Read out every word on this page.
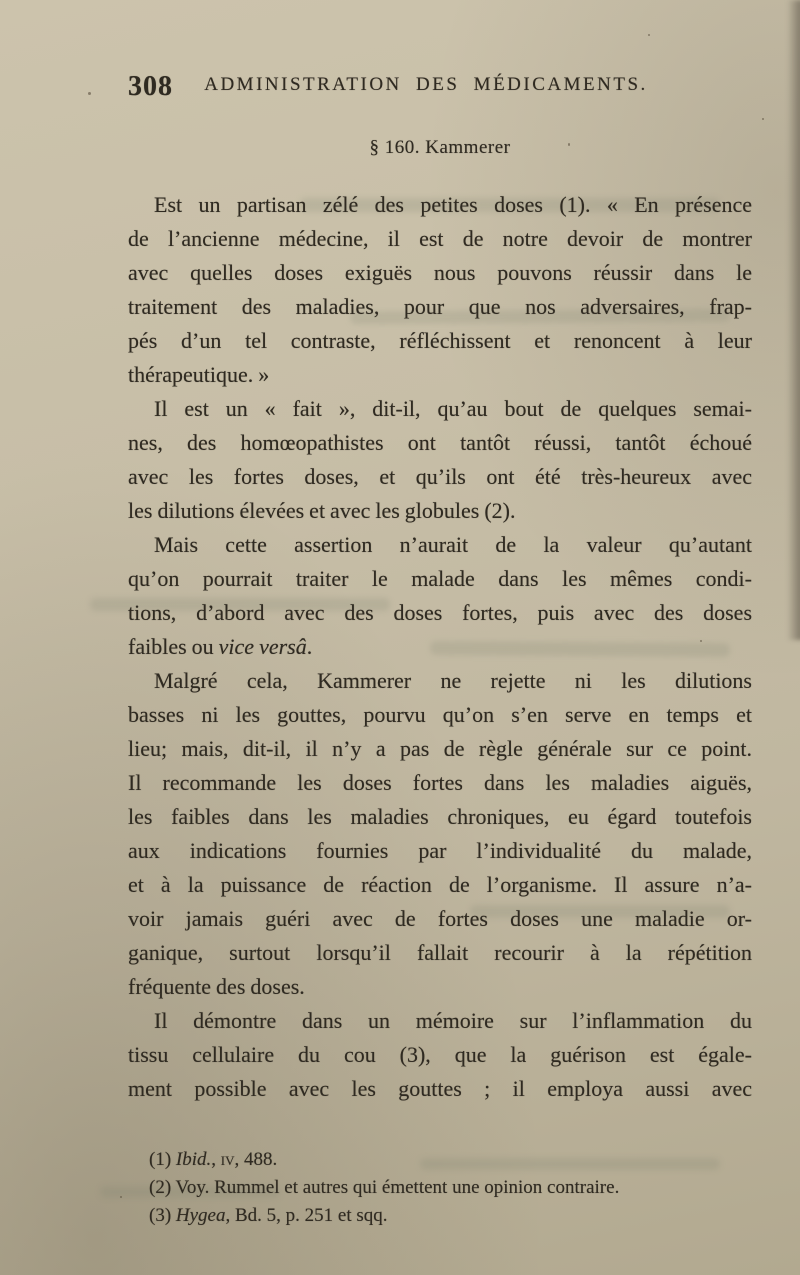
308 ADMINISTRATION DES MÉDICAMENTS.
§ 160. Kammerer
Est un partisan zélé des petites doses (1). « En présence
de l’ancienne médecine, il est de notre devoir de montrer
avec quelles doses exiguës nous pouvons réussir dans le
traitement des maladies, pour que nos adversaires, frap-
pés d’un tel contraste, réfléchissent et renoncent à leur
thérapeutique. »
Il est un « fait », dit-il, qu’au bout de quelques semai-
nes, des homœopathistes ont tantôt réussi, tantôt échoué
avec les fortes doses, et qu’ils ont été très-heureux avec
les dilutions élevées et avec les globules (2).
Mais cette assertion n’aurait de la valeur qu’autant
qu’on pourrait traiter le malade dans les mêmes condi-
tions, d’abord avec des doses fortes, puis avec des doses
faibles ou vice versâ.
Malgré cela, Kammerer ne rejette ni les dilutions
basses ni les gouttes, pourvu qu’on s’en serve en temps et
lieu; mais, dit-il, il n’y a pas de règle générale sur ce point.
Il recommande les doses fortes dans les maladies aiguës,
les faibles dans les maladies chroniques, eu égard toutefois
aux indications fournies par l’individualité du malade,
et à la puissance de réaction de l’organisme. Il assure n’a-
voir jamais guéri avec de fortes doses une maladie or-
ganique, surtout lorsqu’il fallait recourir à la répétition
fréquente des doses.
Il démontre dans un mémoire sur l’inflammation du
tissu cellulaire du cou (3), que la guérison est égale-
ment possible avec les gouttes ; il employa aussi avec
(1) Ibid., iv, 488.
(2) Voy. Rummel et autres qui émettent une opinion contraire.
(3) Hygea, Bd. 5, p. 251 et sqq.
